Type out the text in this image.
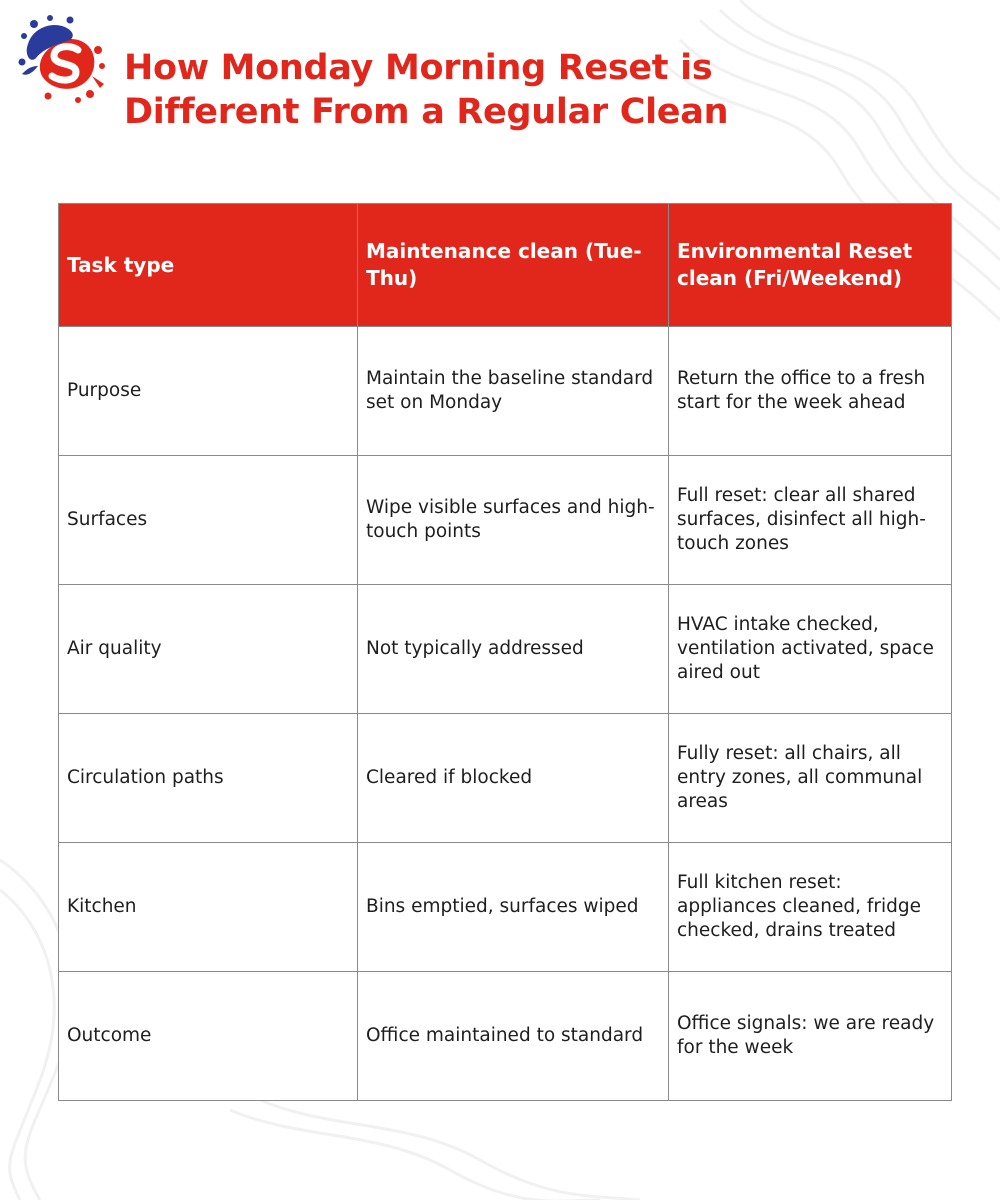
How Monday Morning Reset is
Different From a Regular Clean
Task type	Maintenance clean (Tue-Thu)	Environmental Reset clean (Fri/Weekend)
Purpose	Maintain the baseline standard set on Monday	Return the office to a fresh start for the week ahead
Surfaces	Wipe visible surfaces and high-touch points	Full reset: clear all shared surfaces, disinfect all high-touch zones
Air quality	Not typically addressed	HVAC intake checked, ventilation activated, space aired out
Circulation paths	Cleared if blocked	Fully reset: all chairs, all entry zones, all communal areas
Kitchen	Bins emptied, surfaces wiped	Full kitchen reset: appliances cleaned, fridge checked, drains treated
Outcome	Office maintained to standard	Office signals: we are ready for the week
